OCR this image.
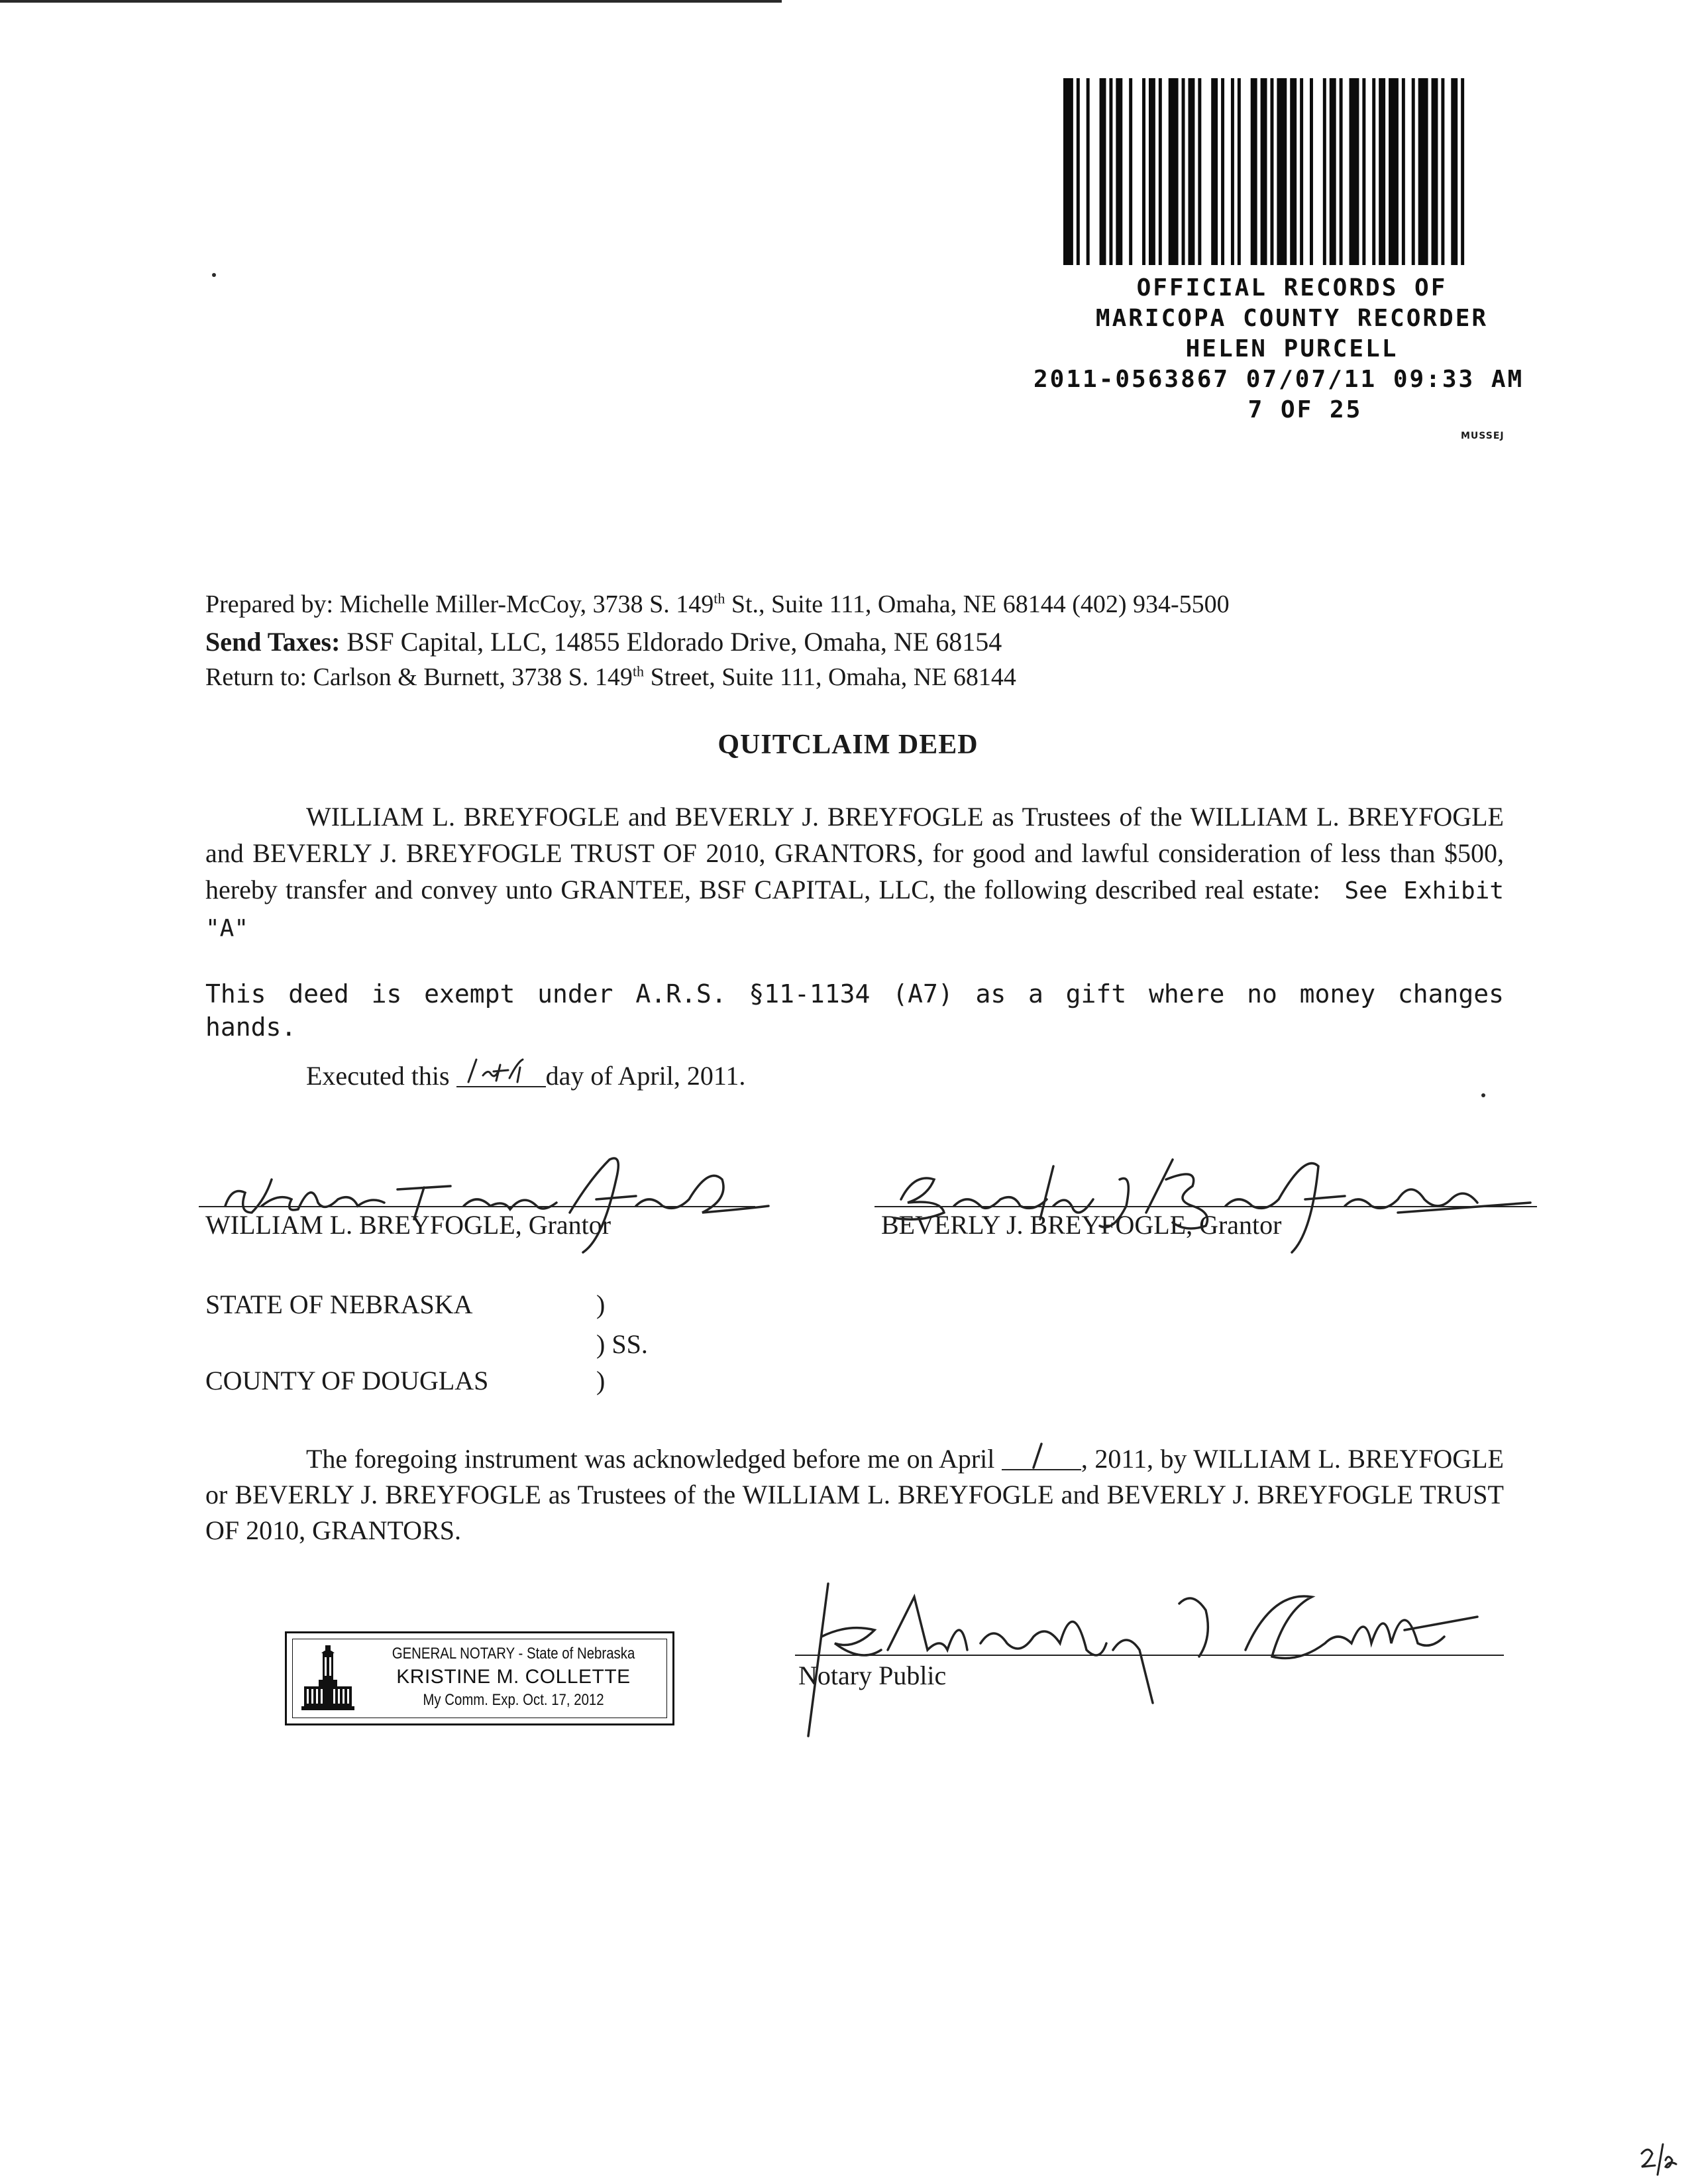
OFFICIAL RECORDS OF
MARICOPA COUNTY RECORDER
HELEN PURCELL
2011-0563867 07/07/11 09:33 AM
7 OF 25
MUSSEJ
Prepared by: Michelle Miller-McCoy, 3738 S. 149th St., Suite 111, Omaha, NE 68144 (402) 934-5500
Send Taxes: BSF Capital, LLC, 14855 Eldorado Drive, Omaha, NE 68154
Return to: Carlson & Burnett, 3738 S. 149th Street, Suite 111, Omaha, NE 68144
QUITCLAIM DEED
WILLIAM L. BREYFOGLE and BEVERLY J. BREYFOGLE as Trustees of the WILLIAM L. BREYFOGLE and BEVERLY J. BREYFOGLE TRUST OF 2010, GRANTORS, for good and lawful consideration of less than $500, hereby transfer and convey unto GRANTEE, BSF CAPITAL, LLC, the following described real estate: See Exhibit "A"
This deed is exempt under A.R.S. §11-1134 (A7) as a gift where no money changes hands.
Executed this	day of April, 2011.
WILLIAM L. BREYFOGLE, Grantor	BEVERLY J. BREYFOGLE, Grantor
STATE OF NEBRASKA	)
) SS.
COUNTY OF DOUGLAS	)
The foregoing instrument was acknowledged before me on April	, 2011, by WILLIAM L. BREYFOGLE or BEVERLY J. BREYFOGLE as Trustees of the WILLIAM L. BREYFOGLE and BEVERLY J. BREYFOGLE TRUST OF 2010, GRANTORS.
GENERAL NOTARY - State of Nebraska
KRISTINE M. COLLETTE
My Comm. Exp. Oct. 17, 2012
Notary Public
